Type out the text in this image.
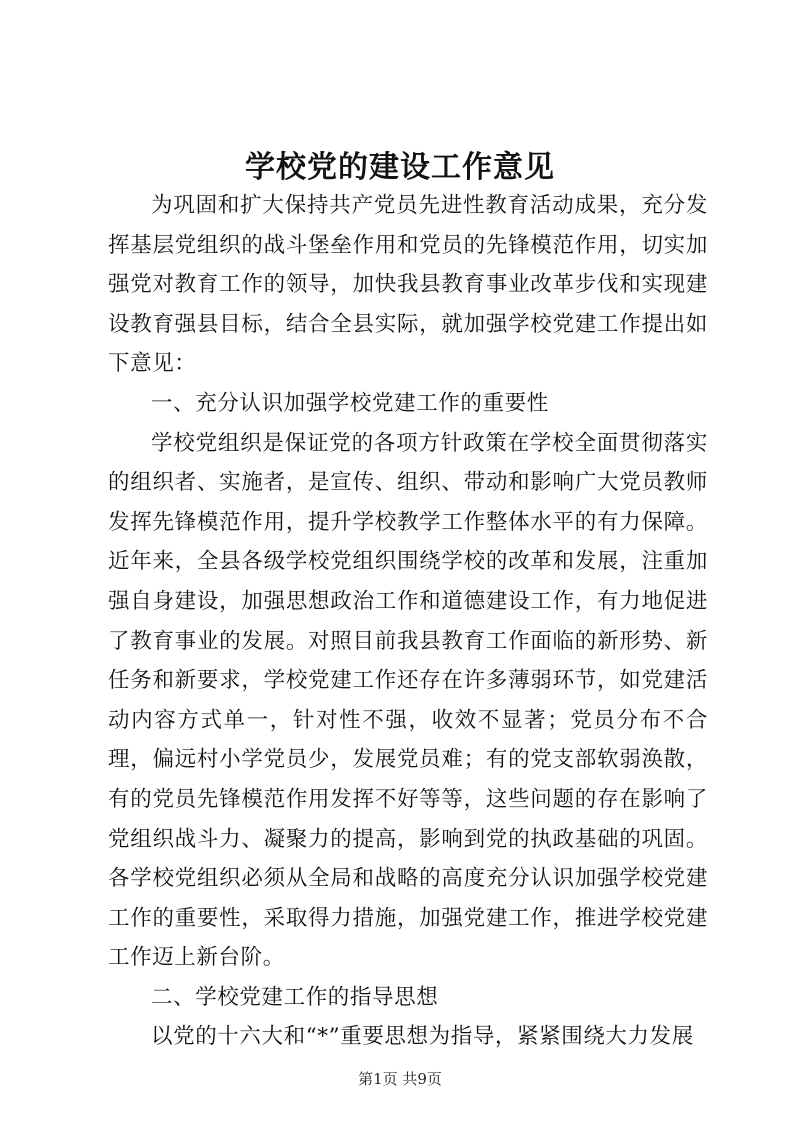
学校党的建设工作意见

为巩固和扩大保持共产党员先进性教育活动成果，充分发挥基层党组织的战斗堡垒作用和党员的先锋模范作用，切实加强党对教育工作的领导，加快我县教育事业改革步伐和实现建设教育强县目标，结合全县实际，就加强学校党建工作提出如下意见：

一、充分认识加强学校党建工作的重要性

学校党组织是保证党的各项方针政策在学校全面贯彻落实的组织者、实施者，是宣传、组织、带动和影响广大党员教师发挥先锋模范作用，提升学校教学工作整体水平的有力保障。近年来，全县各级学校党组织围绕学校的改革和发展，注重加强自身建设，加强思想政治工作和道德建设工作，有力地促进了教育事业的发展。对照目前我县教育工作面临的新形势、新任务和新要求，学校党建工作还存在许多薄弱环节，如党建活动内容方式单一，针对性不强，收效不显著；党员分布不合理，偏远村小学党员少，发展党员难；有的党支部软弱涣散，有的党员先锋模范作用发挥不好等等，这些问题的存在影响了党组织战斗力、凝聚力的提高，影响到党的执政基础的巩固。各学校党组织必须从全局和战略的高度充分认识加强学校党建工作的重要性，采取得力措施，加强党建工作，推进学校党建工作迈上新台阶。

二、学校党建工作的指导思想

以党的十六大和“*”重要思想为指导，紧紧围绕大力发展

第1页 共9页
